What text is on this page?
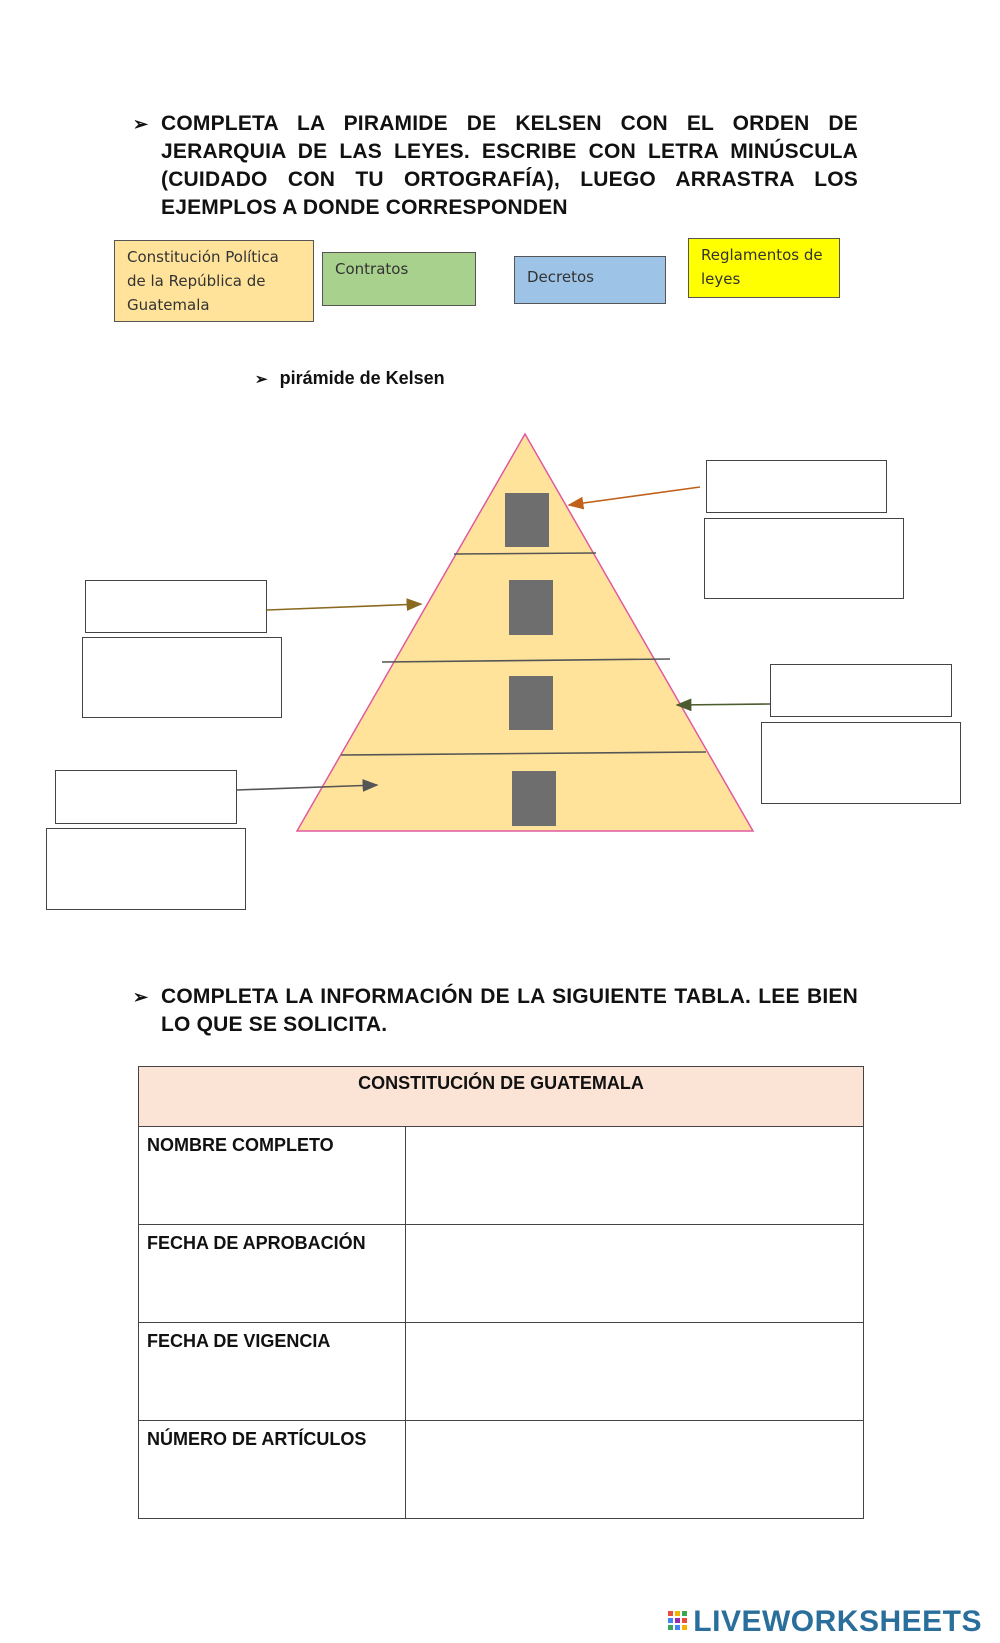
➢ COMPLETA LA PIRAMIDE DE KELSEN CON EL ORDEN DE JERARQUIA DE LAS LEYES. ESCRIBE CON LETRA MINÚSCULA (CUIDADO CON TU ORTOGRAFÍA), LUEGO ARRASTRA LOS EJEMPLOS A DONDE CORRESPONDEN
Constitución Política de la República de Guatemala
Contratos	Decretos
Reglamentos de leyes
➢ pirámide de Kelsen
➢ COMPLETA LA INFORMACIÓN DE LA SIGUIENTE TABLA. LEE BIEN LO QUE SE SOLICITA.
CONSTITUCIÓN DE GUATEMALA	
NOMBRE COMPLETO	
FECHA DE APROBACIÓN	
FECHA DE VIGENCIA	
NÚMERO DE ARTÍCULOS	
LIVEWORKSHEETS
